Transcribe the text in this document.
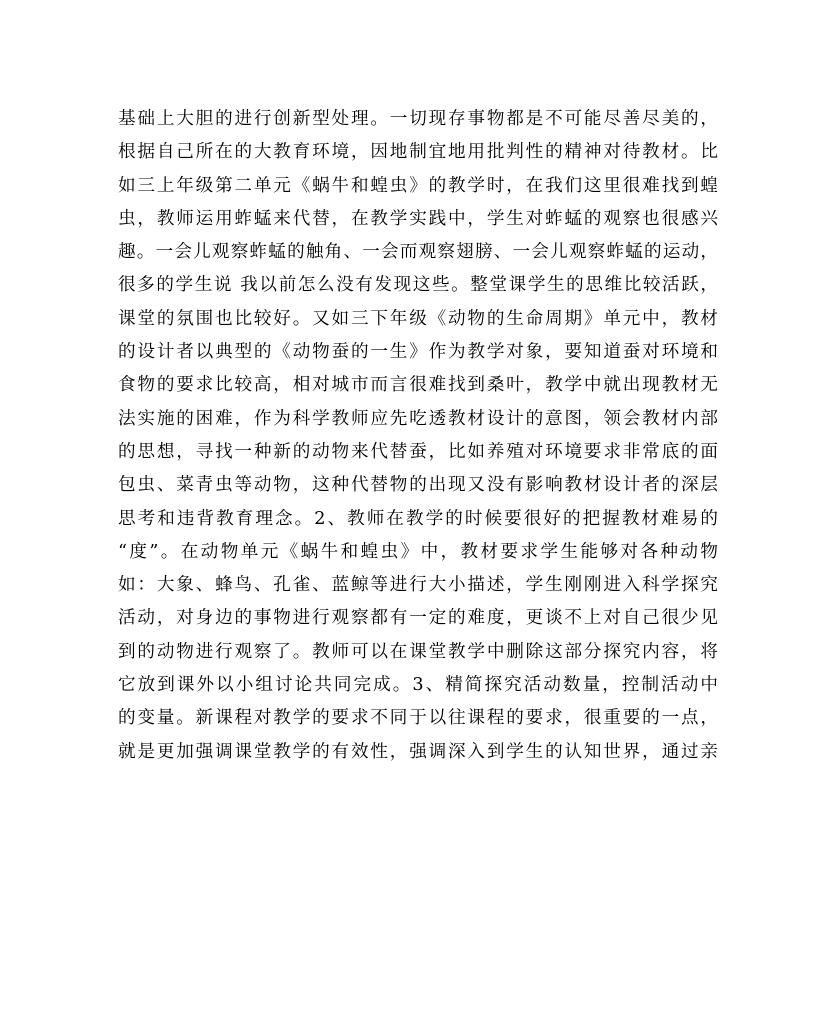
基础上大胆的进行创新型处理。一切现存事物都是不可能尽善尽美的，
根据自己所在的大教育环境，因地制宜地用批判性的精神对待教材。比
如三上年级第二单元《蜗牛和蝗虫》的教学时，在我们这里很难找到蝗
虫，教师运用蚱蜢来代替，在教学实践中，学生对蚱蜢的观察也很感兴
趣。一会儿观察蚱蜢的触角、一会而观察翅膀、一会儿观察蚱蜢的运动，
很多的学生说 我以前怎么没有发现这些。整堂课学生的思维比较活跃，
课堂的氛围也比较好。又如三下年级《动物的生命周期》单元中，教材
的设计者以典型的《动物蚕的一生》作为教学对象，要知道蚕对环境和
食物的要求比较高，相对城市而言很难找到桑叶，教学中就出现教材无
法实施的困难，作为科学教师应先吃透教材设计的意图，领会教材内部
的思想，寻找一种新的动物来代替蚕，比如养殖对环境要求非常底的面
包虫、菜青虫等动物，这种代替物的出现又没有影响教材设计者的深层
思考和违背教育理念。2、教师在教学的时候要很好的把握教材难易的
“度”。在动物单元《蜗牛和蝗虫》中，教材要求学生能够对各种动物
如：大象、蜂鸟、孔雀、蓝鲸等进行大小描述，学生刚刚进入科学探究
活动，对身边的事物进行观察都有一定的难度，更谈不上对自己很少见
到的动物进行观察了。教师可以在课堂教学中删除这部分探究内容，将
它放到课外以小组讨论共同完成。3、精简探究活动数量，控制活动中
的变量。新课程对教学的要求不同于以往课程的要求，很重要的一点，
就是更加强调课堂教学的有效性，强调深入到学生的认知世界，通过亲
